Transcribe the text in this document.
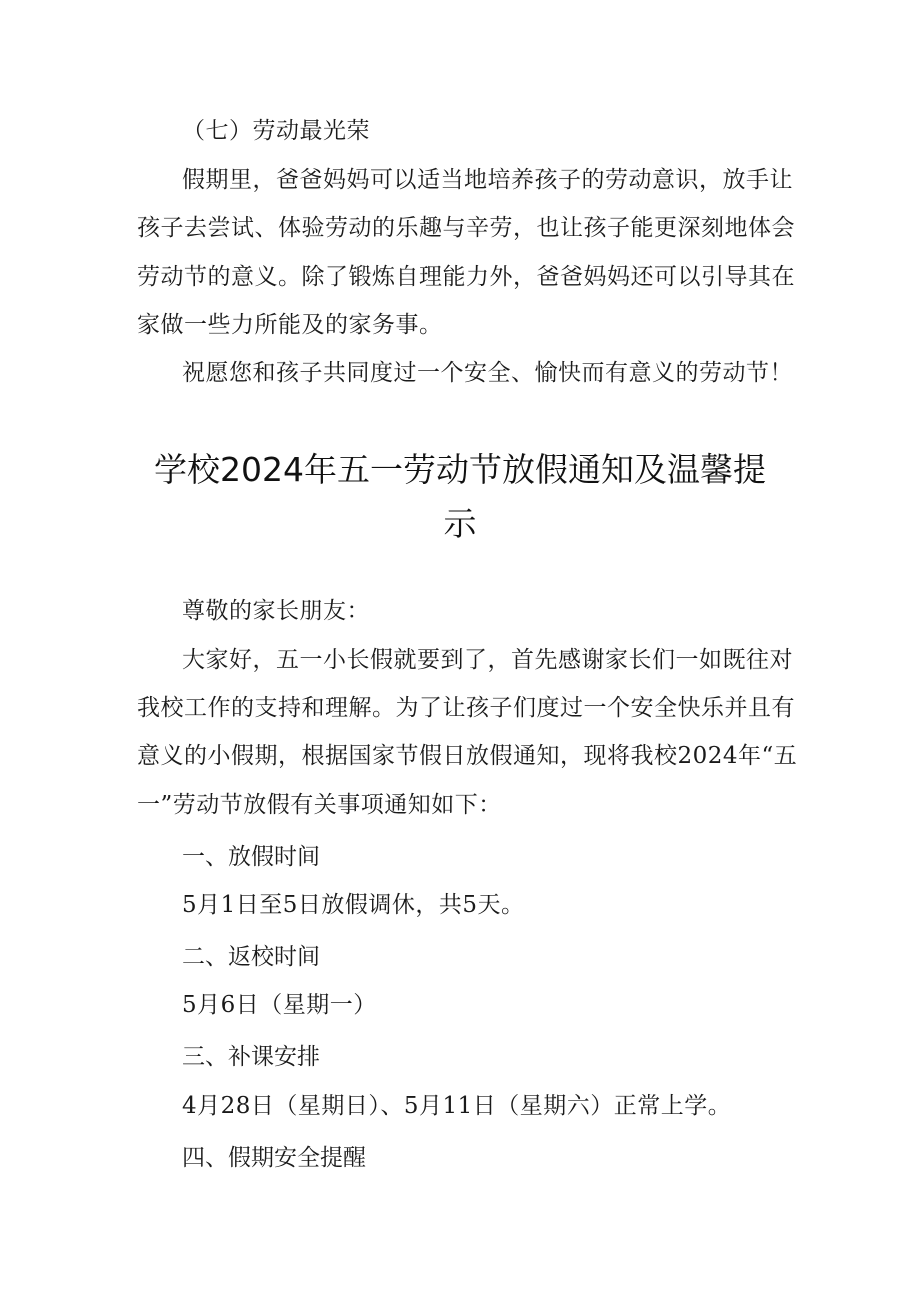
（七）劳动最光荣
假期里，爸爸妈妈可以适当地培养孩子的劳动意识，放手让
孩子去尝试、体验劳动的乐趣与辛劳，也让孩子能更深刻地体会
劳动节的意义。除了锻炼自理能力外，爸爸妈妈还可以引导其在
家做一些力所能及的家务事。
祝愿您和孩子共同度过一个安全、愉快而有意义的劳动节！
学校2024年五一劳动节放假通知及温馨提
示
尊敬的家长朋友：
大家好，五一小长假就要到了，首先感谢家长们一如既往对
我校工作的支持和理解。为了让孩子们度过一个安全快乐并且有
意义的小假期，根据国家节假日放假通知，现将我校2024年“五
一”劳动节放假有关事项通知如下：
一、放假时间
5月1日至5日放假调休，共5天。
二、返校时间
5月6日（星期一）
三、补课安排
4月28日（星期日）、5月11日（星期六）正常上学。
四、假期安全提醒
